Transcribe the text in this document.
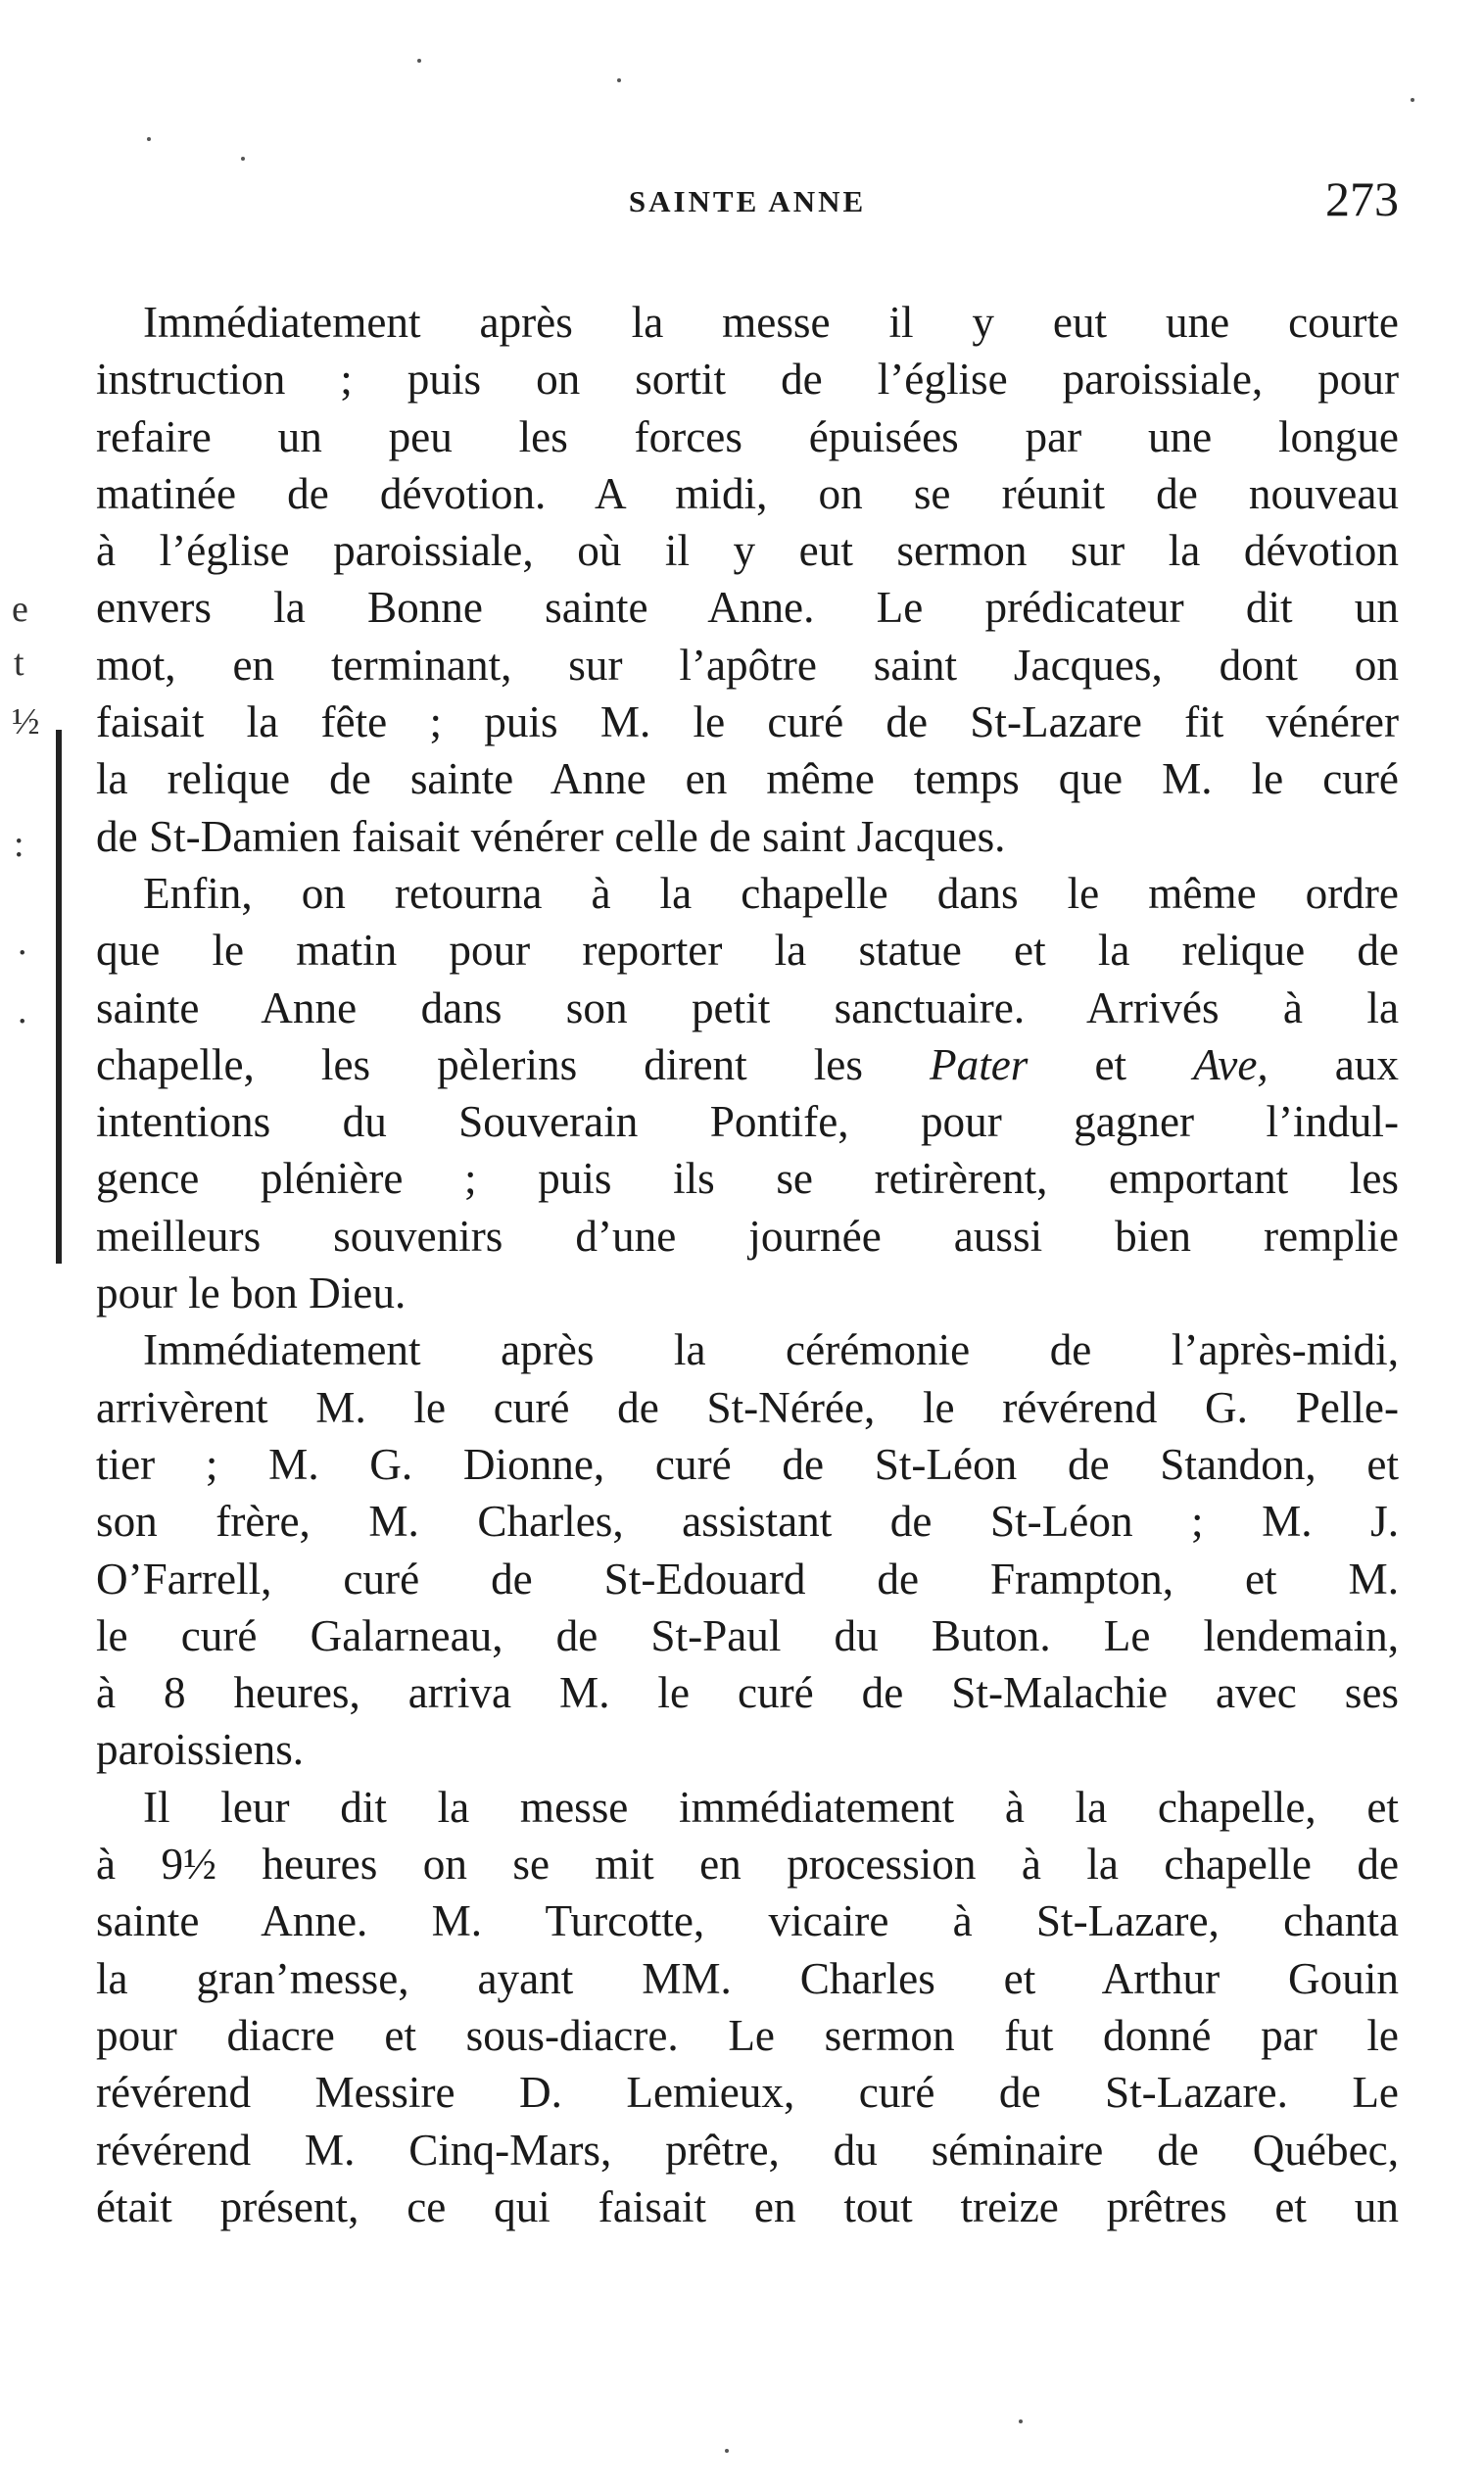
SAINTE ANNE	273
e
t
½
:
.
.
Immédiatement après la messe il y eut une courte
instruction ; puis on sortit de l’église paroissiale, pour
refaire un peu les forces épuisées par une longue
matinée de dévotion. A midi, on se réunit de nouveau
à l’église paroissiale, où il y eut sermon sur la dévotion
envers la Bonne sainte Anne. Le prédicateur dit un
mot, en terminant, sur l’apôtre saint Jacques, dont on
faisait la fête ; puis M. le curé de St-Lazare fit vénérer
la relique de sainte Anne en même temps que M. le curé
de St-Damien faisait vénérer celle de saint Jacques.
Enfin, on retourna à la chapelle dans le même ordre
que le matin pour reporter la statue et la relique de
sainte Anne dans son petit sanctuaire. Arrivés à la
chapelle, les pèlerins dirent les Pater et Ave, aux
intentions du Souverain Pontife, pour gagner l’indul-
gence plénière ; puis ils se retirèrent, emportant les
meilleurs souvenirs d’une journée aussi bien remplie
pour le bon Dieu.
Immédiatement après la cérémonie de l’après-midi,
arrivèrent M. le curé de St-Nérée, le révérend G. Pelle-
tier ; M. G. Dionne, curé de St-Léon de Standon, et
son frère, M. Charles, assistant de St-Léon ; M. J.
O’Farrell, curé de St-Edouard de Frampton, et M.
le curé Galarneau, de St-Paul du Buton. Le lendemain,
à 8 heures, arriva M. le curé de St-Malachie avec ses
paroissiens.
Il leur dit la messe immédiatement à la chapelle, et
à 9½ heures on se mit en procession à la chapelle de
sainte Anne. M. Turcotte, vicaire à St-Lazare, chanta
la gran’messe, ayant MM. Charles et Arthur Gouin
pour diacre et sous-diacre. Le sermon fut donné par le
révérend Messire D. Lemieux, curé de St-Lazare. Le
révérend M. Cinq-Mars, prêtre, du séminaire de Québec,
était présent, ce qui faisait en tout treize prêtres et un
